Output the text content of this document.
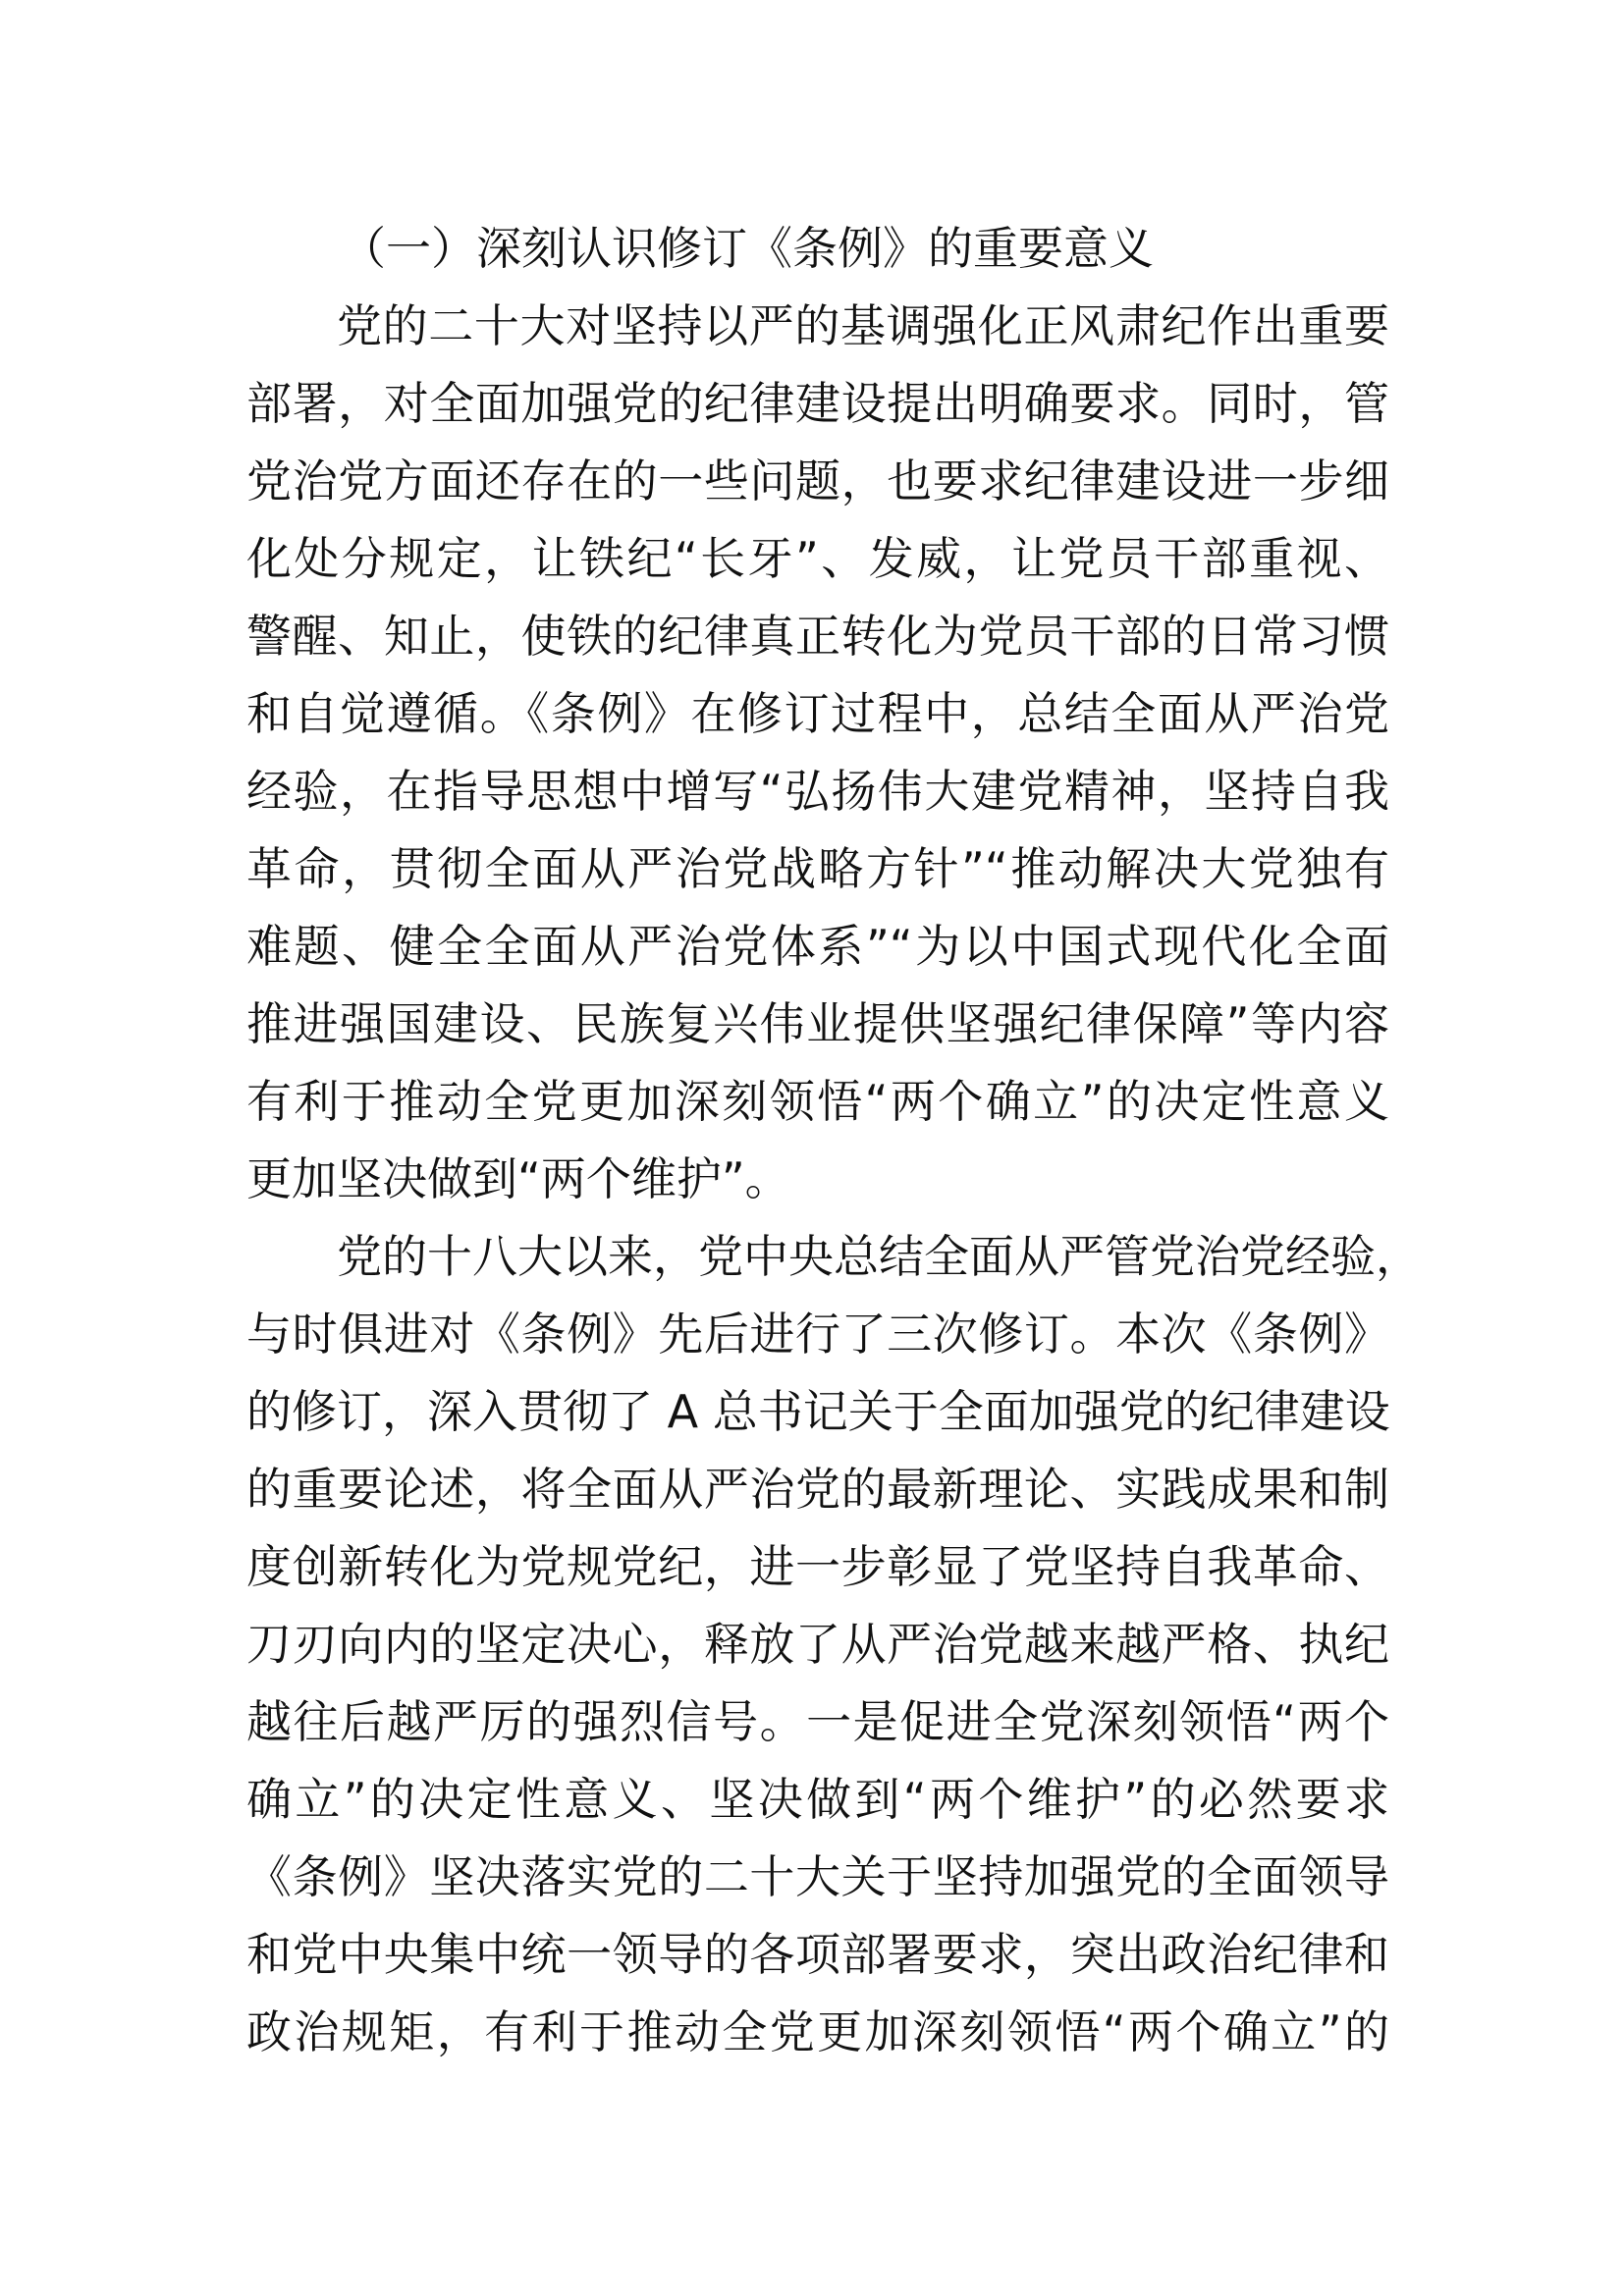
（一）深刻认识修订《条例》的重要意义

党的二十大对坚持以严的基调强化正风肃纪作出重要

部署，对全面加强党的纪律建设提出明确要求。同时，管

党治党方面还存在的一些问题，也要求纪律建设进一步细

化处分规定，让铁纪“长牙”、发威，让党员干部重视、

警醒、知止，使铁的纪律真正转化为党员干部的日常习惯

和自觉遵循。《条例》在修订过程中，总结全面从严治党

经验，在指导思想中增写“弘扬伟大建党精神，坚持自我

革命，贯彻全面从严治党战略方针”“推动解决大党独有

难题、健全全面从严治党体系”“为以中国式现代化全面

推进强国建设、民族复兴伟业提供坚强纪律保障”等内容

有利于推动全党更加深刻领悟“两个确立”的决定性意义

更加坚决做到“两个维护”。

党的十八大以来，党中央总结全面从严管党治党经验，

与时俱进对《条例》先后进行了三次修订。本次《条例》

的修订，深入贯彻了 A 总书记关于全面加强党的纪律建设

的重要论述，将全面从严治党的最新理论、实践成果和制

度创新转化为党规党纪，进一步彰显了党坚持自我革命、

刀刃向内的坚定决心，释放了从严治党越来越严格、执纪

越往后越严厉的强烈信号。一是促进全党深刻领悟“两个

确立”的决定性意义、坚决做到“两个维护”的必然要求

《条例》坚决落实党的二十大关于坚持加强党的全面领导

和党中央集中统一领导的各项部署要求，突出政治纪律和

政治规矩，有利于推动全党更加深刻领悟“两个确立”的
